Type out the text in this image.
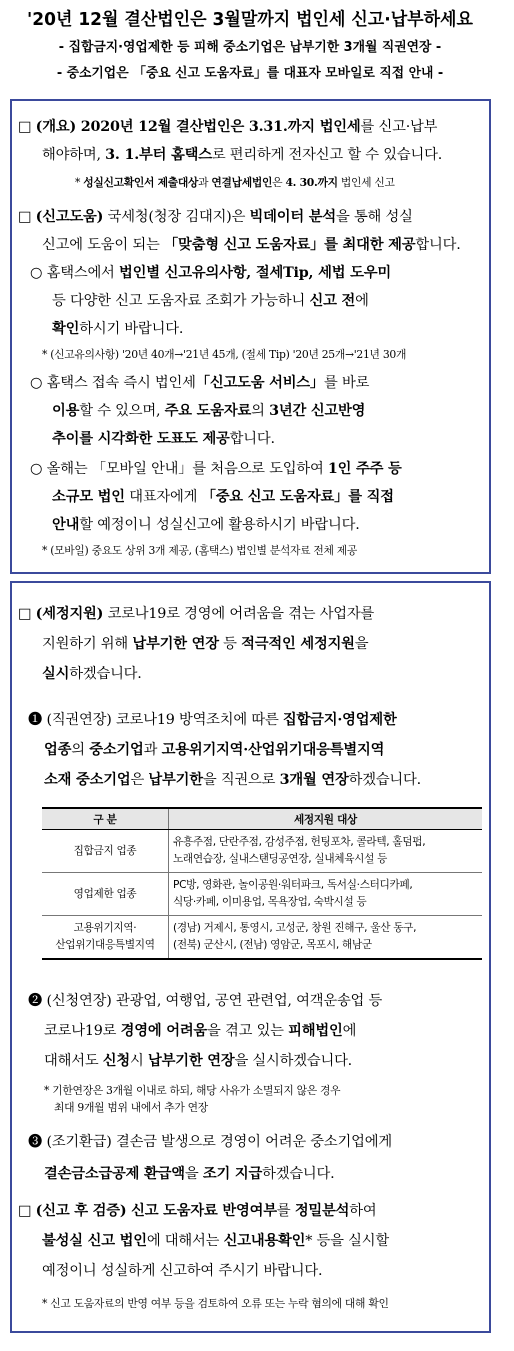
'20년 12월 결산법인은 3월말까지 법인세 신고·납부하세요
- 집합금지·영업제한 등 피해 중소기업은 납부기한 3개월 직권연장 -
- 중소기업은 「중요 신고 도움자료」를 대표자 모바일로 직접 안내 -
□ (개요) 2020년 12월 결산법인은 3.31.까지 법인세를 신고·납부
해야하며, 3. 1.부터 홈택스로 편리하게 전자신고 할 수 있습니다.
* 성실신고확인서 제출대상과 연결납세법인은 4. 30.까지 법인세 신고
□ (신고도움) 국세청(청장 김대지)은 빅데이터 분석을 통해 성실
신고에 도움이 되는 「맞춤형 신고 도움자료」를 최대한 제공합니다.
○ 홈택스에서 법인별 신고유의사항, 절세Tip, 세법 도우미
등 다양한 신고 도움자료 조회가 가능하니 신고 전에
확인하시기 바랍니다.
* (신고유의사항) '20년 40개→'21년 45개, (절세 Tip) '20년 25개→'21년 30개
○ 홈택스 접속 즉시 법인세「신고도움 서비스」를 바로
이용할 수 있으며, 주요 도움자료의 3년간 신고반영
추이를 시각화한 도표도 제공합니다.
○ 올해는 「모바일 안내」를 처음으로 도입하여 1인 주주 등
소규모 법인 대표자에게 「중요 신고 도움자료」를 직접
안내할 예정이니 성실신고에 활용하시기 바랍니다.
* (모바일) 중요도 상위 3개 제공, (홈택스) 법인별 분석자료 전체 제공
□ (세정지원) 코로나19로 경영에 어려움을 겪는 사업자를
지원하기 위해 납부기한 연장 등 적극적인 세정지원을
실시하겠습니다.
❶ (직권연장) 코로나19 방역조치에 따른 집합금지·영업제한
업종의 중소기업과 고용위기지역·산업위기대응특별지역
소재 중소기업은 납부기한을 직권으로 3개월 연장하겠습니다.
구 분	세정지원 대상
집합금지 업종	유흥주점, 단란주점, 감성주점, 헌팅포차, 콜라텍, 홀덤펍,
노래연습장, 실내스탠딩공연장, 실내체육시설 등

영업제한 업종	PC방, 영화관, 놀이공원·워터파크, 독서실·스터디카페,
식당·카페, 이미용업, 목욕장업, 숙박시설 등

고용위기지역·
산업위기대응특별지역	(경남) 거제시, 통영시, 고성군, 창원 진해구, 울산 동구,
(전북) 군산시, (전남) 영암군, 목포시, 해남군
❷ (신청연장) 관광업, 여행업, 공연 관련업, 여객운송업 등
코로나19로 경영에 어려움을 겪고 있는 피해법인에
대해서도 신청시 납부기한 연장을 실시하겠습니다.
* 기한연장은 3개월 이내로 하되, 해당 사유가 소멸되지 않은 경우
최대 9개월 범위 내에서 추가 연장
❸ (조기환급) 결손금 발생으로 경영이 어려운 중소기업에게
결손금소급공제 환급액을 조기 지급하겠습니다.
□ (신고 후 검증) 신고 도움자료 반영여부를 정밀분석하여
불성실 신고 법인에 대해서는 신고내용확인* 등을 실시할
예정이니 성실하게 신고하여 주시기 바랍니다.
* 신고 도움자료의 반영 여부 등을 검토하여 오류 또는 누락 혐의에 대해 확인
